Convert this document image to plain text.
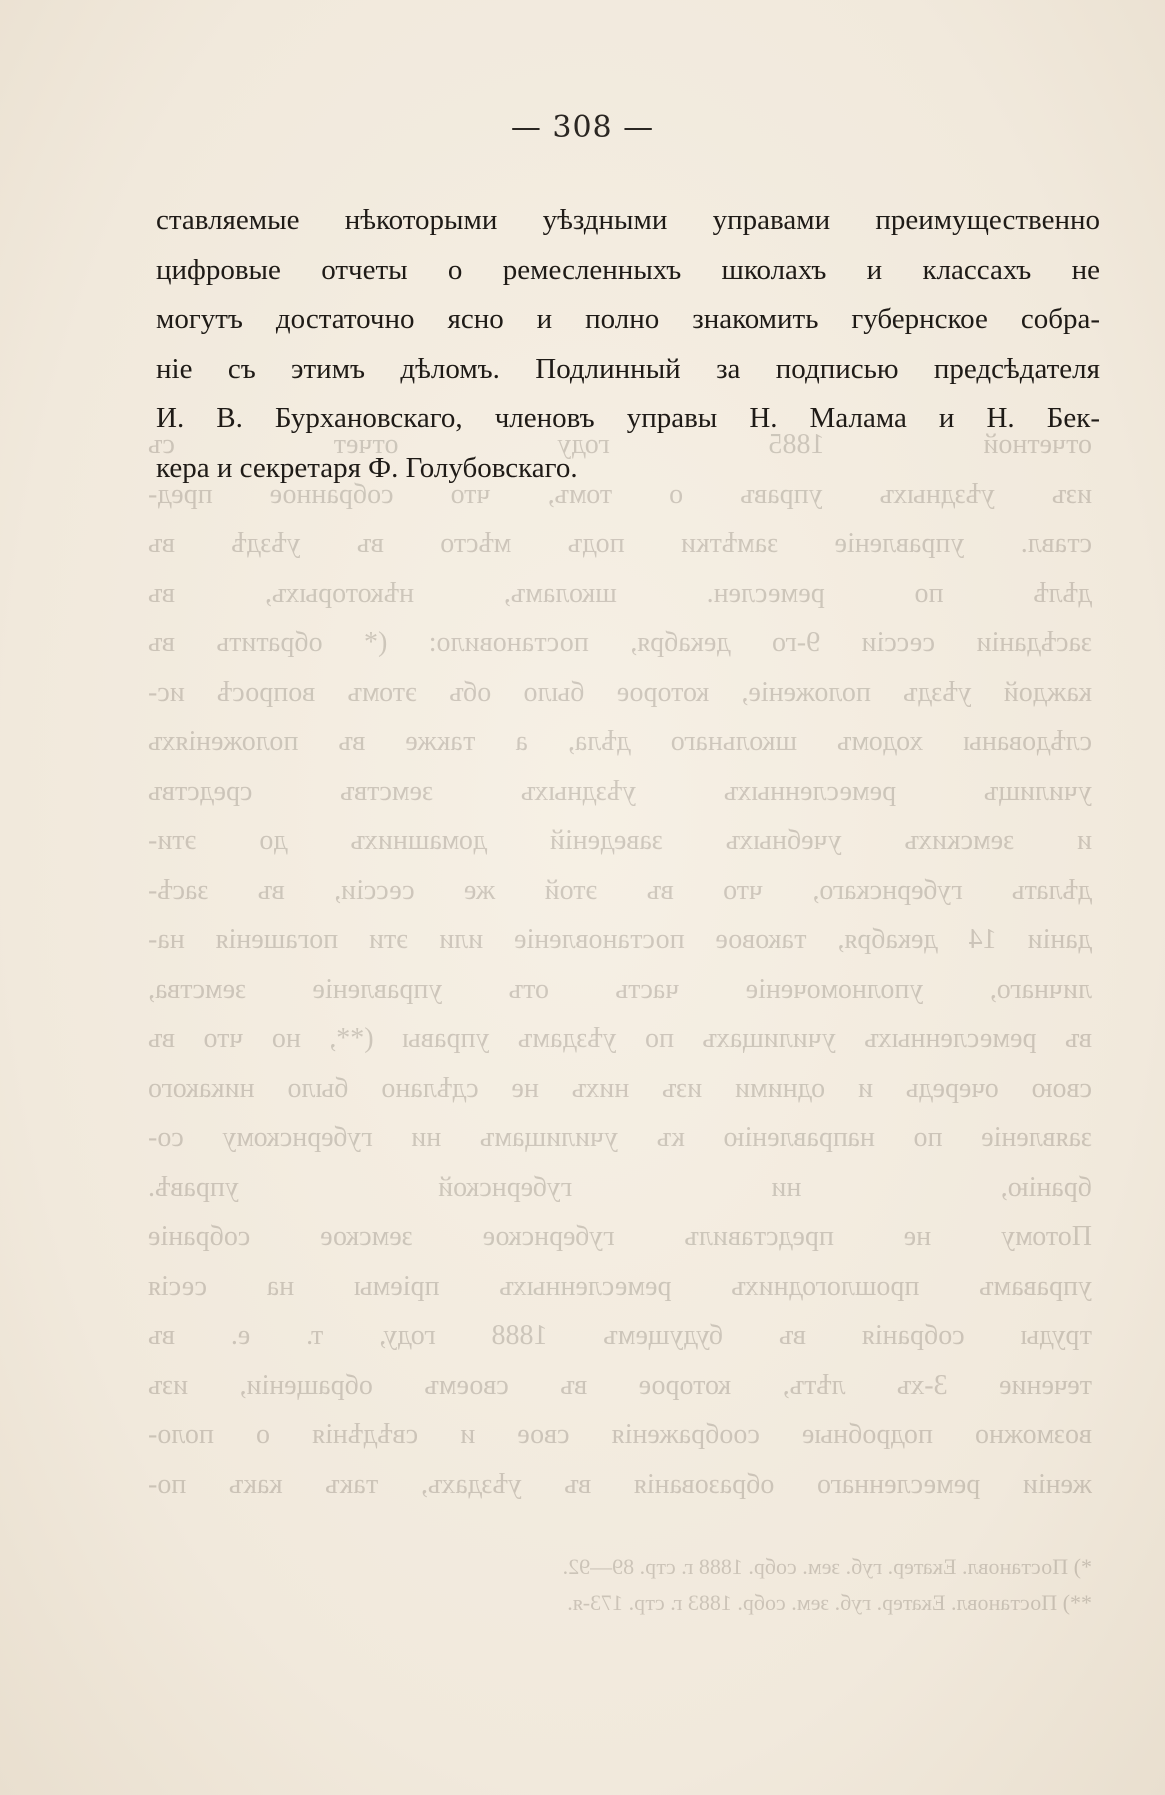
отчетной 1885 году отчет съ
изъ уѣздныхъ управъ о томъ, что собранное пред-
ставл. управленіе замѣтки подъ мѣсто въ уѣздѣ въ
дѣлѣ по ремеслен. школамъ, нѣкоторыхъ, въ
засѣданіи сессіи 9-го декабря, постановило: (* обратить въ
каждой уѣздъ положеніе, которое было объ этомъ вопросѣ ис-
слѣдованы ходомъ школьнаго дѣла, а также въ положеніяхъ
училищъ ремесленныхъ уѣздныхъ земствъ средствъ
и земскихъ учебныхъ заведеній домашнихъ до эти-
дѣлать губернскаго, что въ этой же сессіи, въ засѣ-
даніи 14 декабря, таковое постановленіе или эти погашенія на-
личнаго, уполномоченіе часть отъ управленіе земства,
въ ремесленныхъ училищахъ по уѣздамъ управы (**, но что въ
свою очередь и одними изъ нихъ не сдѣлано было никакого
заявленіе по направленію къ училищамъ ни губернскому со-
бранію, ни губернской управѣ.
Потому не представилъ губернское земское собраніе
управамъ прошлогоднихъ ремесленныхъ пріемы на сесія
труды собранія въ будущемъ 1888 году, т. е. въ
течение 3-хъ лѣтъ, которое въ своемъ обращеніи, изъ
возможно подробные соображенія свое и свѣдѣнія о поло-
женіи ремесленнаго образованія въ уѣздахъ, такъ какъ по-
*) Постановл. Екатер. губ. зем. собр. 1888 г. стр. 89—92.
**) Постановл. Екатер. губ. зем. собр. 1883 г. стр. 173-я.
— 308 —
ставляемые нѣкоторыми уѣздными управами преимущественно
цифровые отчеты о ремесленныхъ школахъ и классахъ не
могутъ достаточно ясно и полно знакомить губернское собра-
ніе съ этимъ дѣломъ. Подлинный за подписью предсѣдателя
И. В. Бурхановскаго, членовъ управы Н. Малама и Н. Бек-
кера и секретаря Ф. Голубовскаго.
